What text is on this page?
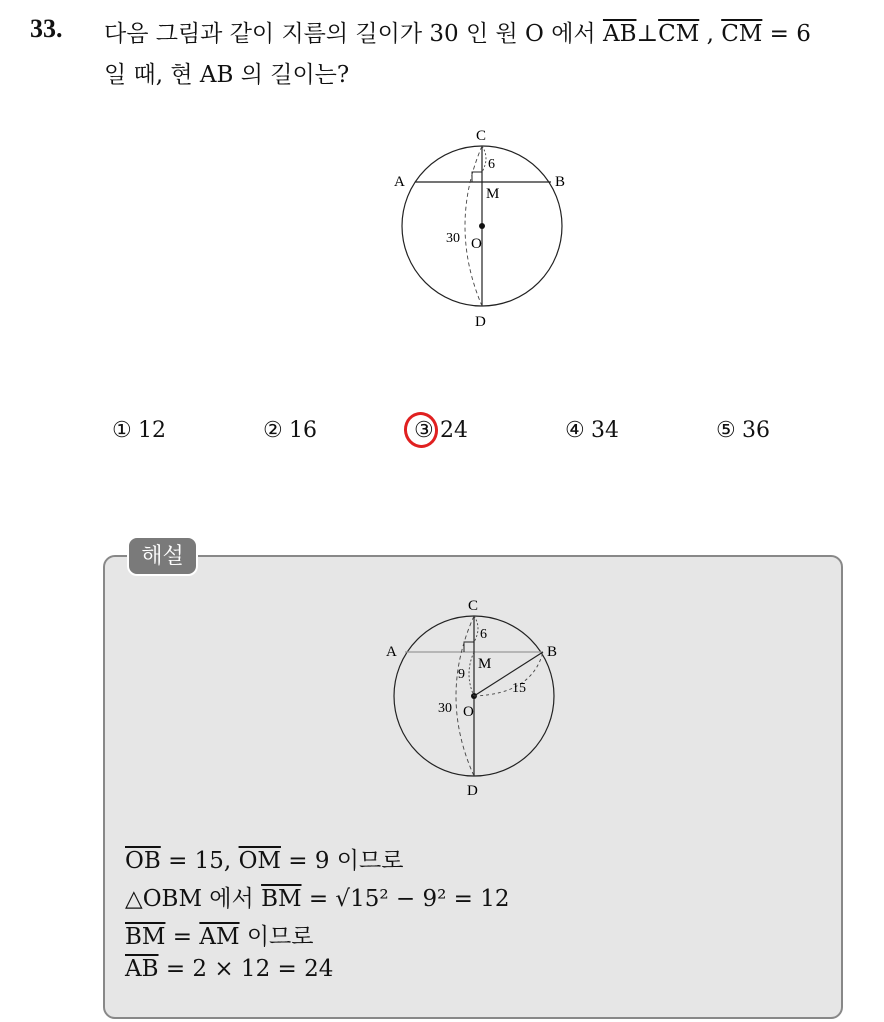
33. 다음 그림과 같이 지름의 길이가 30 인 원 O 에서 $\overline{AB}\perp\overline{CM}$ , $\overline{CM} = 6$
일 때, 현 AB 의 길이는?
C
A	B
M
6
O
30
D
① 12	② 16	③ 24	④ 34	⑤ 36
해설
C
A	B
M
6
9
15
O
30
D
$\overline{OB} = 15$, $\overline{OM} = 9$ 이므로
△OBM 에서 $\overline{BM} = √15^2 - 9^2 = 12$
$\overline{BM} = \overline{AM}$ 이므로
$\overline{AB} = 2 \times 12 = 24$
